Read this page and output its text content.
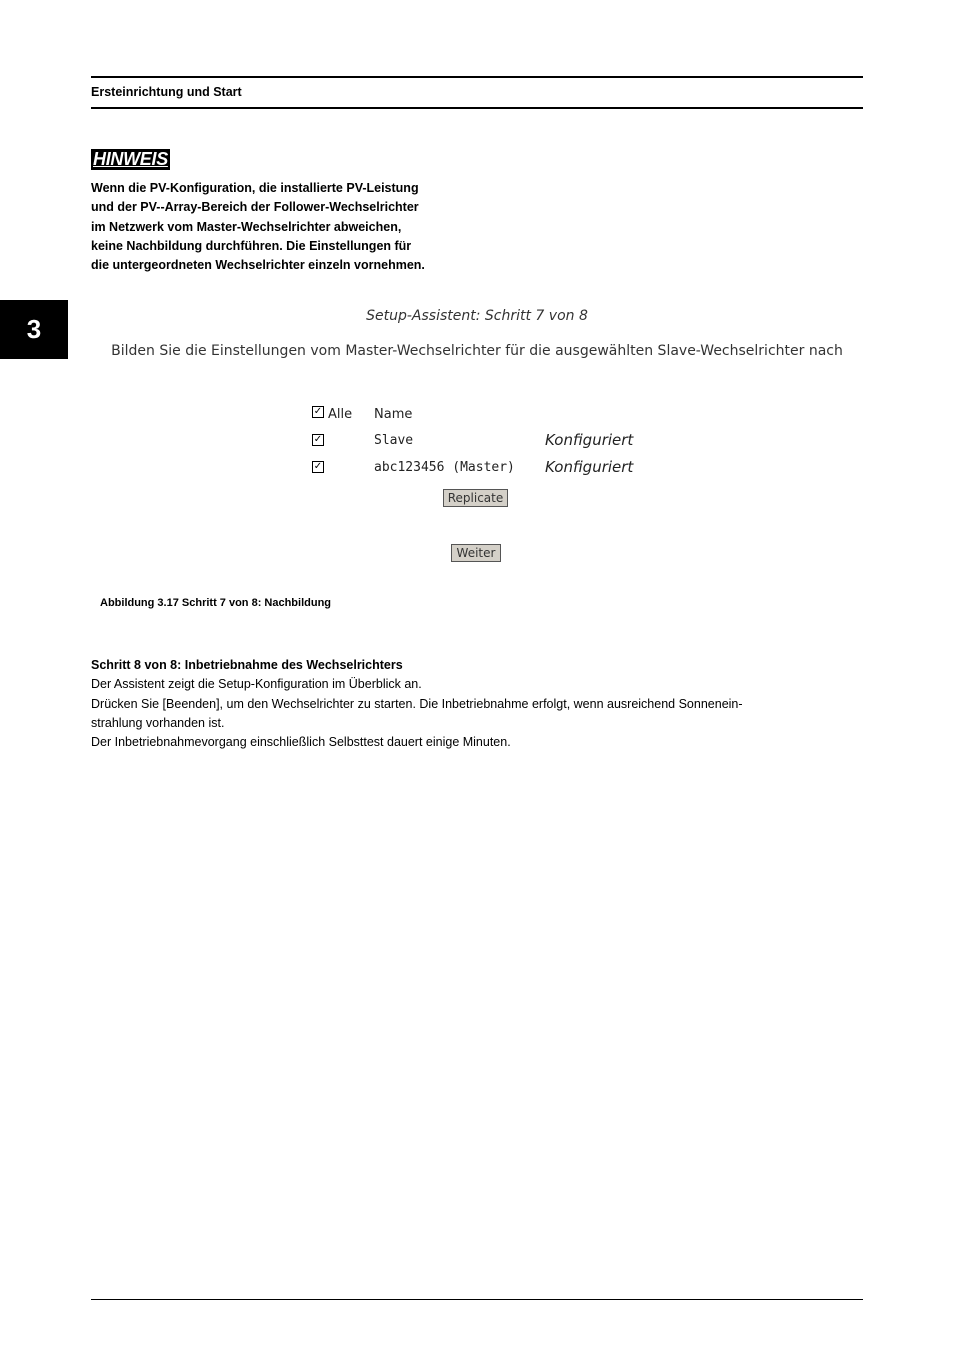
Ersteinrichtung und Start
3
HINWEIS
Wenn die PV-Konfiguration, die installierte PV-Leistung
und der PV--Array-Bereich der Follower-Wechselrichter
im Netzwerk vom Master-Wechselrichter abweichen,
keine Nachbildung durchführen. Die Einstellungen für
die untergeordneten Wechselrichter einzeln vornehmen.
Setup-Assistent: Schritt 7 von 8
Bilden Sie die Einstellungen vom Master-Wechselrichter für die ausgewählten Slave-Wechselrichter nach
✓ Alle Name
✓	Slave	Konfiguriert
✓	abc123456 (Master) Konfiguriert
Replicate
Weiter
Abbildung 3.17 Schritt 7 von 8: Nachbildung
Schritt 8 von 8: Inbetriebnahme des Wechselrichters
Der Assistent zeigt die Setup-Konfiguration im Überblick an.
Drücken Sie [Beenden], um den Wechselrichter zu starten. Die Inbetriebnahme erfolgt, wenn ausreichend Sonnenein-
strahlung vorhanden ist.
Der Inbetriebnahmevorgang einschließlich Selbsttest dauert einige Minuten.
